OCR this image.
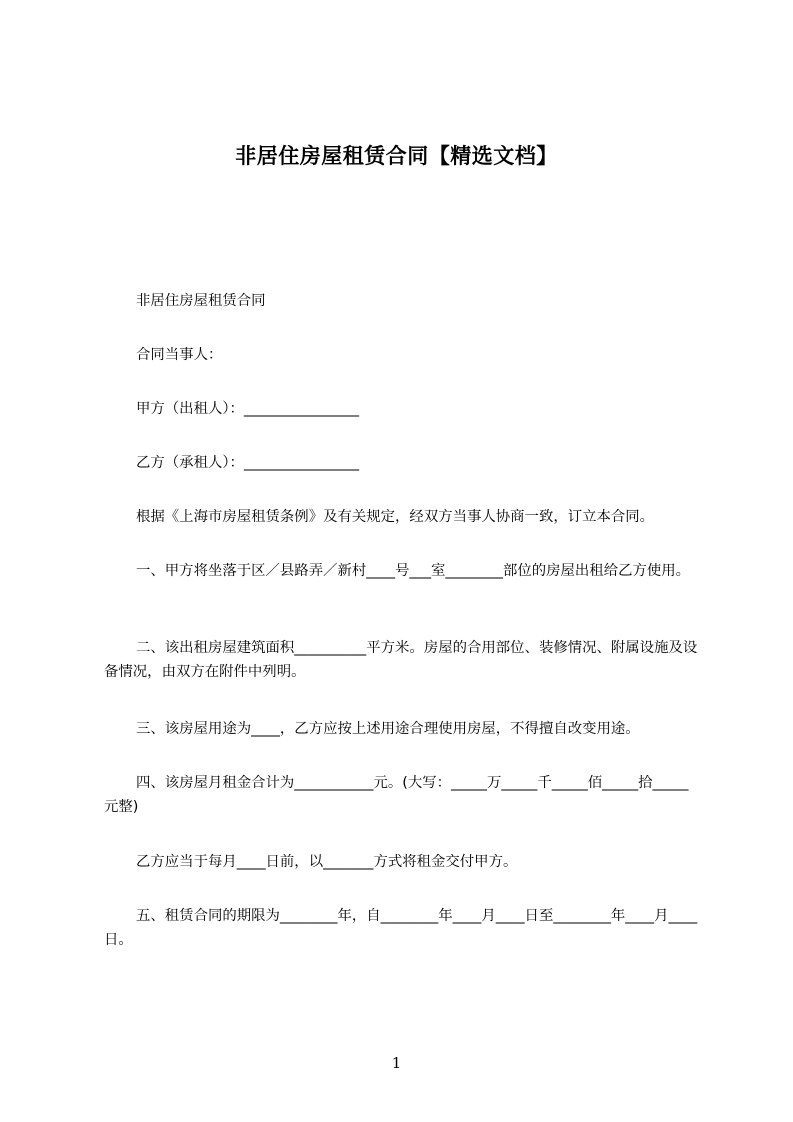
非居住房屋租赁合同【精选文档】

非居住房屋租赁合同

合同当事人：

甲方（出租人）：________________

乙方（承租人）：________________

根据《上海市房屋租赁条例》及有关规定，经双方当事人协商一致，订立本合同。

一、甲方将坐落于区／县路弄／新村____号___室________部位的房屋出租给乙方使用。

二、该出租房屋建筑面积__________平方米。房屋的合用部位、装修情况、附属设施及设备情况，由双方在附件中列明。

三、该房屋用途为____，乙方应按上述用途合理使用房屋，不得擅自改变用途。

四、该房屋月租金合计为___________元。(大写：_____万_____千_____佰_____拾_____元整)

乙方应当于每月____日前，以_______方式将租金交付甲方。

五、租赁合同的期限为________年，自________年____月____日至________年____月____日。

1
